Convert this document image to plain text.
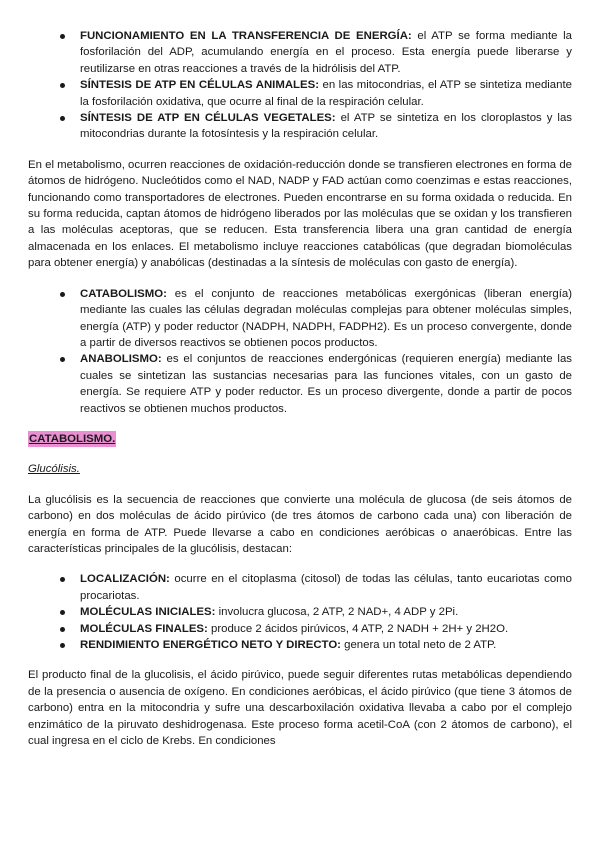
FUNCIONAMIENTO EN LA TRANSFERENCIA DE ENERGÍA: el ATP se forma mediante la fosforilación del ADP, acumulando energía en el proceso. Esta energía puede liberarse y reutilizarse en otras reacciones a través de la hidrólisis del ATP.
SÍNTESIS DE ATP EN CÉLULAS ANIMALES: en las mitocondrias, el ATP se sintetiza mediante la fosforilación oxidativa, que ocurre al final de la respiración celular.
SÍNTESIS DE ATP EN CÉLULAS VEGETALES: el ATP se sintetiza en los cloroplastos y las mitocondrias durante la fotosíntesis y la respiración celular.

En el metabolismo, ocurren reacciones de oxidación-reducción donde se transfieren electrones en forma de átomos de hidrógeno. Nucleótidos como el NAD, NADP y FAD actúan como coenzimas e estas reacciones, funcionando como transportadores de electrones. Pueden encontrarse en su forma oxidada o reducida. En su forma reducida, captan átomos de hidrógeno liberados por las moléculas que se oxidan y los transfieren a las moléculas aceptoras, que se reducen. Esta transferencia libera una gran cantidad de energía almacenada en los enlaces. El metabolismo incluye reacciones catabólicas (que degradan biomoléculas para obtener energía) y anabólicas (destinadas a la síntesis de moléculas con gasto de energía).

CATABOLISMO: es el conjunto de reacciones metabólicas exergónicas (liberan energía) mediante las cuales las células degradan moléculas complejas para obtener moléculas simples, energía (ATP) y poder reductor (NADPH, NADPH, FADPH2). Es un proceso convergente, donde a partir de diversos reactivos se obtienen pocos productos.
ANABOLISMO: es el conjuntos de reacciones endergónicas (requieren energía) mediante las cuales se sintetizan las sustancias necesarias para las funciones vitales, con un gasto de energía. Se requiere ATP y poder reductor. Es un proceso divergente, donde a partir de pocos reactivos se obtienen muchos productos.

CATABOLISMO.

Glucólisis.

La glucólisis es la secuencia de reacciones que convierte una molécula de glucosa (de seis átomos de carbono) en dos moléculas de ácido pirúvico (de tres átomos de carbono cada una) con liberación de energía en forma de ATP. Puede llevarse a cabo en condiciones aeróbicas o anaeróbicas. Entre las características principales de la glucólisis, destacan:

LOCALIZACIÓN: ocurre en el citoplasma (citosol) de todas las células, tanto eucariotas como procariotas.
MOLÉCULAS INICIALES: involucra glucosa, 2 ATP, 2 NAD+, 4 ADP y 2Pi.
MOLÉCULAS FINALES: produce 2 ácidos pirúvicos, 4 ATP, 2 NADH + 2H+ y 2H2O.
RENDIMIENTO ENERGÉTICO NETO Y DIRECTO: genera un total neto de 2 ATP.

El producto final de la glucolisis, el ácido pirúvico, puede seguir diferentes rutas metabólicas dependiendo de la presencia o ausencia de oxígeno. En condiciones aeróbicas, el ácido pirúvico (que tiene 3 átomos de carbono) entra en la mitocondria y sufre una descarboxilación oxidativa llevaba a cabo por el complejo enzimático de la piruvato deshidrogenasa. Este proceso forma acetil-CoA (con 2 átomos de carbono), el cual ingresa en el ciclo de Krebs. En condiciones
